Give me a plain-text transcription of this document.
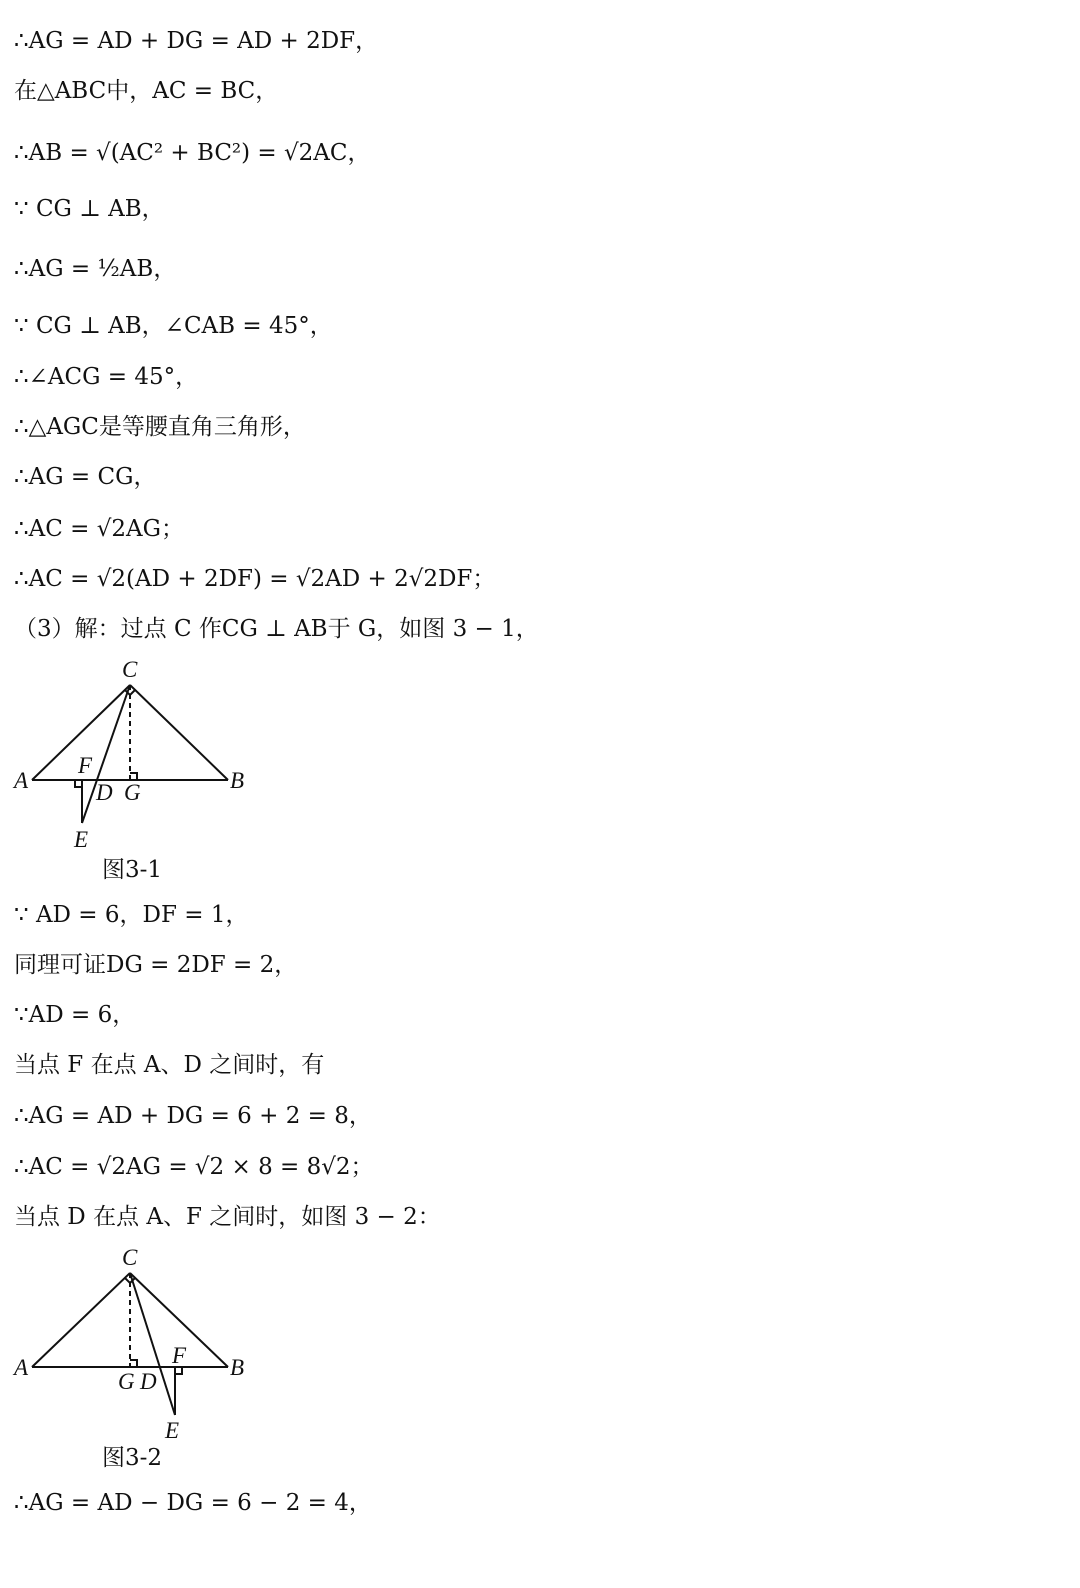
∴AG = AD + DG = AD + 2DF，
在△ABC中，AC = BC，
∴AB = √(AC² + BC²) = √2AC，
∵ CG ⊥ AB，
∴AG = ½AB，
∵ CG ⊥ AB，∠CAB = 45°，
∴∠ACG = 45°，
∴△AGC是等腰直角三角形，
∴AG = CG，
∴AC = √2AG；
∴AC = √2(AD + 2DF) = √2AD + 2√2DF；
（3）解：过点 C 作CG ⊥ AB于 G，如图 3 − 1，
C
A	B
F
D G
E
图3-1
∵ AD = 6，DF = 1，
同理可证DG = 2DF = 2，
∵AD = 6，
当点 F 在点 A、D 之间时，有
∴AG = AD + DG = 6 + 2 = 8，
∴AC = √2AG = √2 × 8 = 8√2；
当点 D 在点 A、F 之间时，如图 3 − 2：
C
A	B
F
G D
E
图3-2
∴AG = AD − DG = 6 − 2 = 4，
